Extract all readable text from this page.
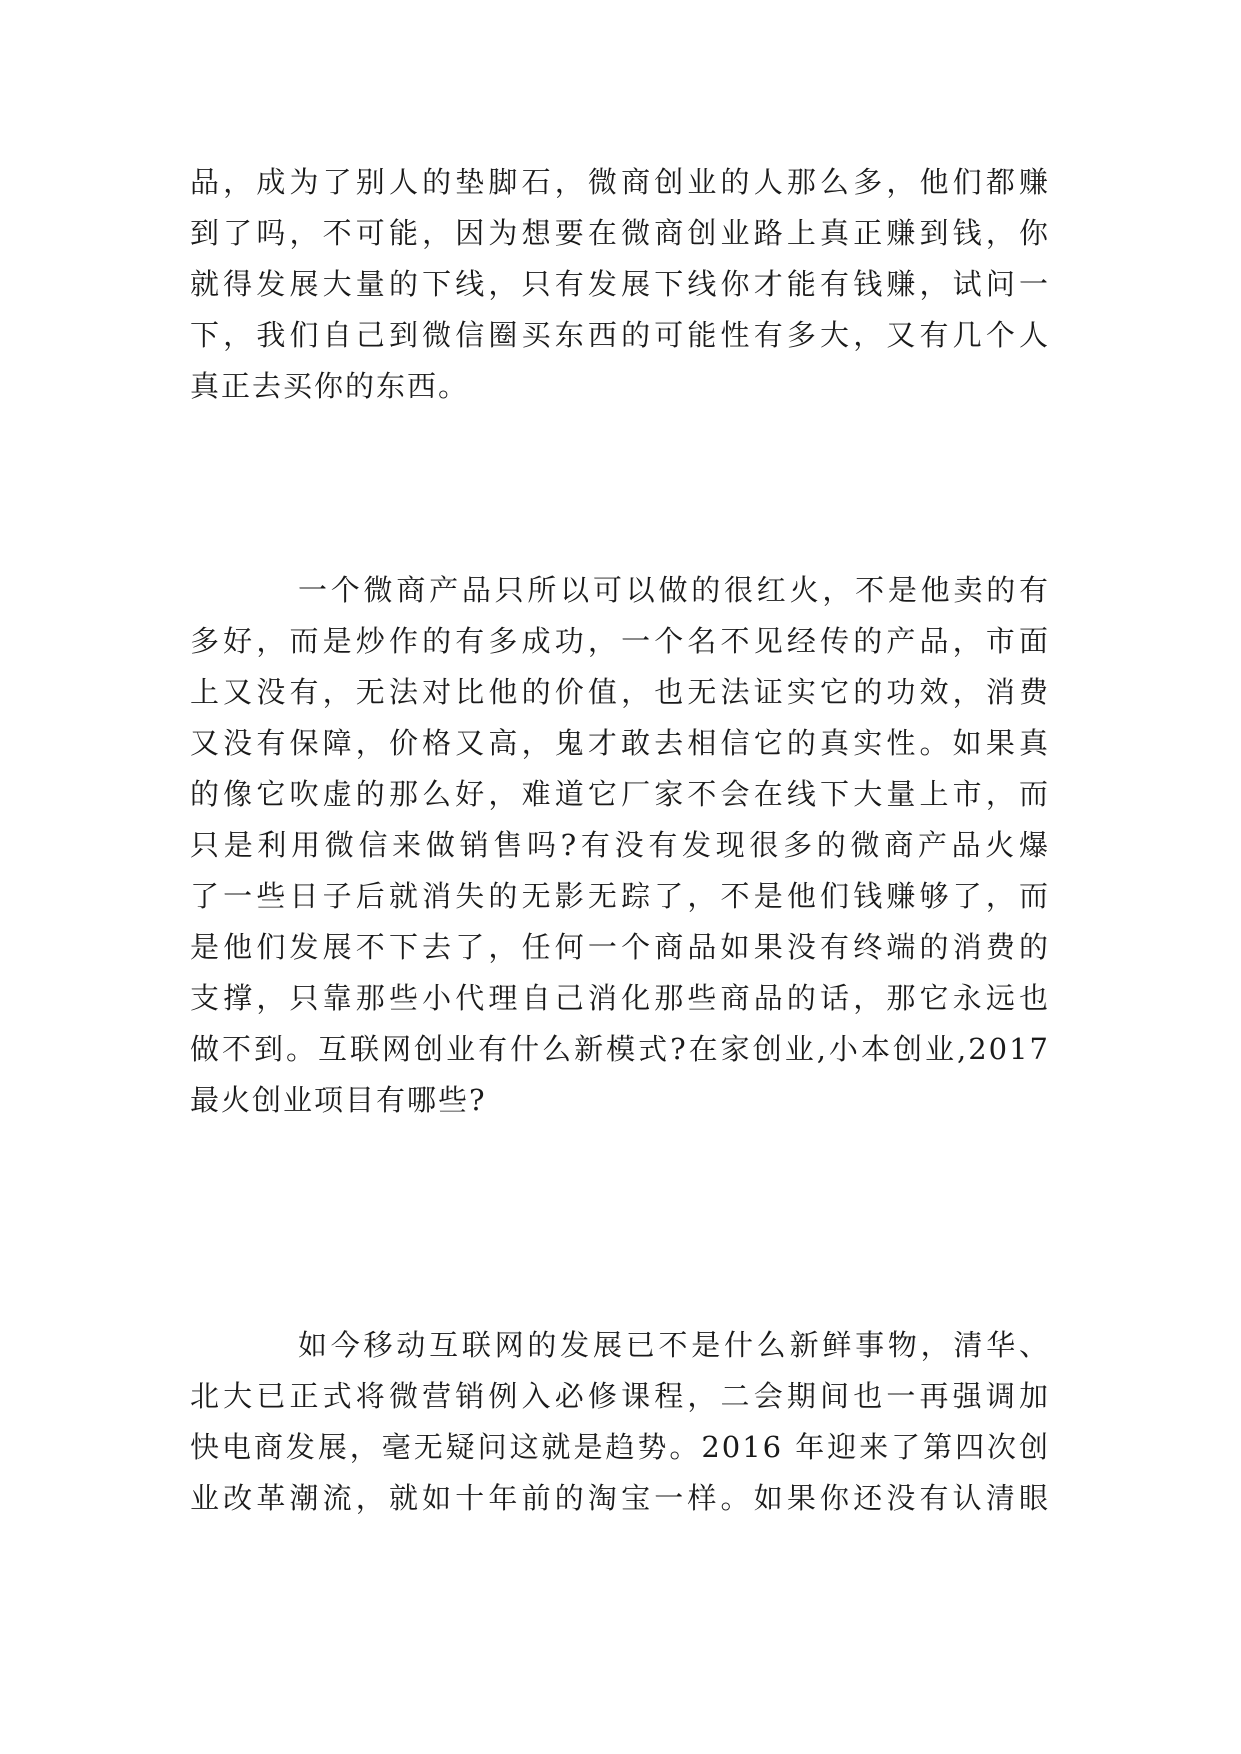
品，成为了别人的垫脚石，微商创业的人那么多，他们都赚
到了吗，不可能，因为想要在微商创业路上真正赚到钱，你
就得发展大量的下线，只有发展下线你才能有钱赚，试问一
下，我们自己到微信圈买东西的可能性有多大，又有几个人
真正去买你的东西。
一个微商产品只所以可以做的很红火，不是他卖的有
多好，而是炒作的有多成功，一个名不见经传的产品，市面
上又没有，无法对比他的价值，也无法证实它的功效，消费
又没有保障，价格又高，鬼才敢去相信它的真实性。如果真
的像它吹虚的那么好，难道它厂家不会在线下大量上市，而
只是利用微信来做销售吗?有没有发现很多的微商产品火爆
了一些日子后就消失的无影无踪了，不是他们钱赚够了，而
是他们发展不下去了，任何一个商品如果没有终端的消费的
支撑，只靠那些小代理自己消化那些商品的话，那它永远也
做不到。互联网创业有什么新模式?在家创业,小本创业,2017
最火创业项目有哪些?
如今移动互联网的发展已不是什么新鲜事物，清华、
北大已正式将微营销例入必修课程，二会期间也一再强调加
快电商发展，毫无疑问这就是趋势。2016 年迎来了第四次创
业改革潮流，就如十年前的淘宝一样。如果你还没有认清眼
